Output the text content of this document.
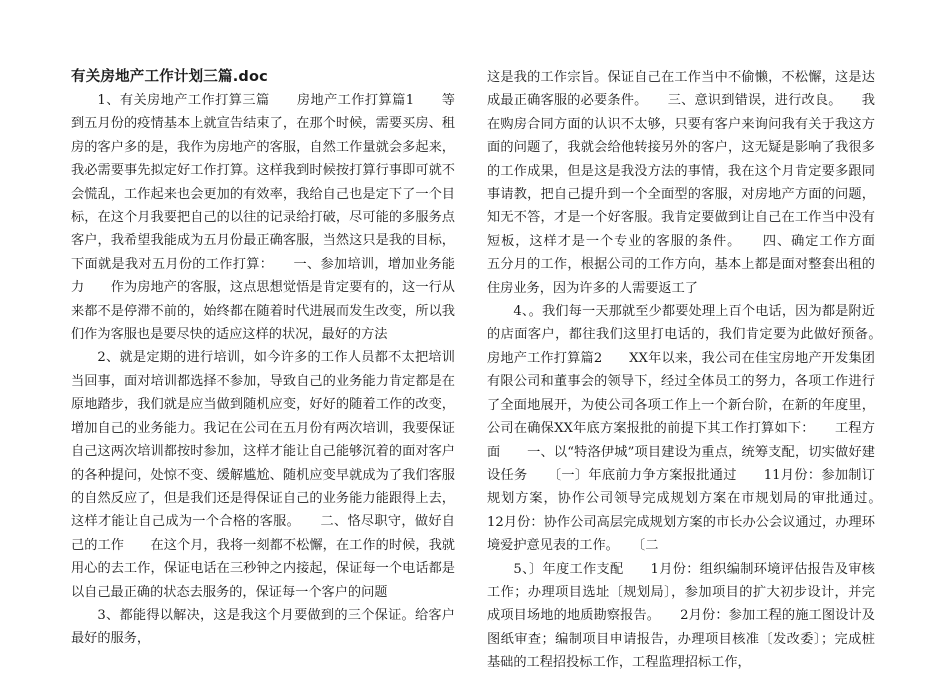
有关房地产工作计划三篇.doc

1、有关房地产工作打算三篇　　房地产工作打算篇1　　等到五月份的疫情基本上就宣告结束了，在那个时候，需要买房、租房的客户多的是，我作为房地产的客服，自然工作量就会多起来，我必需要事先拟定好工作打算。这样我到时候按打算行事即可就不会慌乱，工作起来也会更加的有效率，我给自己也是定下了一个目标，在这个月我要把自己的以往的记录给打破，尽可能的多服务点客户，我希望我能成为五月份最正确客服，当然这只是我的目标，下面就是我对五月份的工作打算：　　一、参加培训，增加业务能力　　作为房地产的客服，这点思想觉悟是肯定要有的，这一行从来都不是停滞不前的，始终都在随着时代进展而发生改变，所以我们作为客服也是要尽快的适应这样的状况，最好的方法

2、就是定期的进行培训，如今许多的工作人员都不太把培训当回事，面对培训都选择不参加，导致自己的业务能力肯定都是在原地踏步，我们就是应当做到随机应变，好好的随着工作的改变，增加自己的业务能力。我记在公司在五月份有两次培训，我要保证自己这两次培训都按时参加，这样才能让自己能够沉着的面对客户的各种提问，处惊不变、缓解尴尬、随机应变早就成为了我们客服的自然反应了，但是我们还是得保证自己的业务能力能跟得上去，这样才能让自己成为一个合格的客服。　　二、恪尽职守，做好自己的工作　　在这个月，我将一刻都不松懈，在工作的时候，我就用心的去工作，保证电话在三秒钟之内接起，保证每一个电话都是以自己最正确的状态去服务的，保证每一个客户的问题

3、都能得以解决，这是我这个月要做到的三个保证。给客户最好的服务，

这是我的工作宗旨。保证自己在工作当中不偷懒，不松懈，这是达成最正确客服的必要条件。　　三、意识到错误，进行改良。　　我在购房合同方面的认识不太够，只要有客户来询问我有关于我这方面的问题了，我就会给他转接另外的客户，这无疑是影响了我很多的工作成果，但是这是我没方法的事情，我在这个月肯定要多跟同事请教，把自己提升到一个全面型的客服，对房地产方面的问题，知无不答，才是一个好客服。我肯定要做到让自己在工作当中没有短板，这样才是一个专业的客服的条件。　　四、确定工作方面　　五分月的工作，根据公司的工作方向，基本上都是面对整套出租的住房业务，因为许多的人需要返工了

4、。我们每一天那就至少都要处理上百个电话，因为都是附近的店面客户，都往我们这里打电话的，我们肯定要为此做好预备。　　房地产工作打算篇2　　XX年以来，我公司在佳宝房地产开发集团有限公司和董事会的领导下，经过全体员工的努力，各项工作进行了全面地展开，为使公司各项工作上一个新台阶，在新的年度里，公司在确保XX年底方案报批的前提下其工作打算如下：　　工程方面　　一、以“特洛伊城”项目建设为重点，统筹支配，切实做好建设任务　　〔一〕年底前力争方案报批通过　　11月份：参加制订规划方案，协作公司领导完成规划方案在市规划局的审批通过。　　12月份：协作公司高层完成规划方案的市长办公会议通过，办理环境爱护意见表的工作。　　〔二

5、〕年度工作支配　　1月份：组织编制环境评估报告及审核工作；办理项目选址〔规划局〕，参加项目的扩大初步设计，并完成项目场地的地质勘察报告。　　2月份：参加工程的施工图设计及图纸审查；编制项目申请报告，办理项目核准〔发改委〕；完成桩基础的工程招投标工作，工程监理招标工作，
